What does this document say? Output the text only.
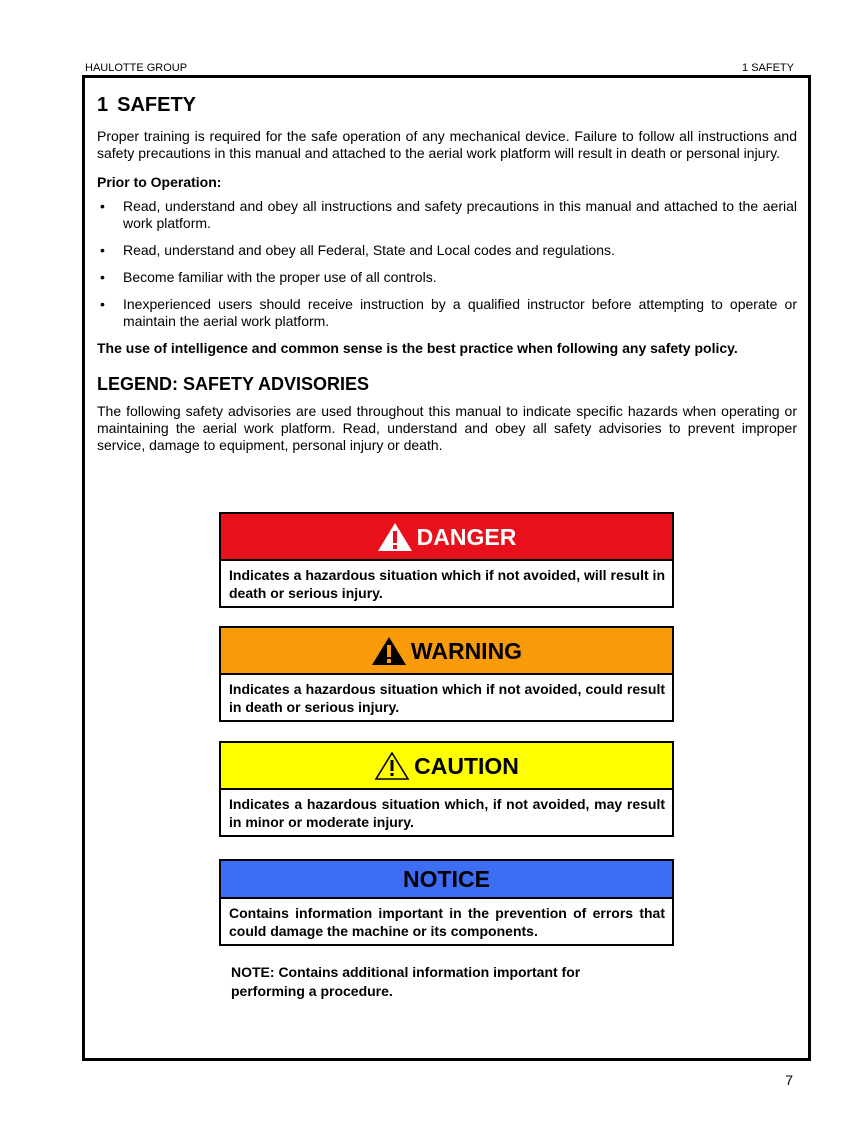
HAULOTTE GROUP	1 SAFETY
1 SAFETY

Proper training is required for the safe operation of any mechanical device. Failure to follow all instructions and safety precautions in this manual and attached to the aerial work platform will result in death or personal injury.

Prior to Operation:

• Read, understand and obey all instructions and safety precautions in this manual and attached to the aerial work platform.
• Read, understand and obey all Federal, State and Local codes and regulations.
• Become familiar with the proper use of all controls.
• Inexperienced users should receive instruction by a qualified instructor before attempting to operate or maintain the aerial work platform.

The use of intelligence and common sense is the best practice when following any safety policy.

LEGEND: SAFETY ADVISORIES

The following safety advisories are used throughout this manual to indicate specific hazards when operating or maintaining the aerial work platform. Read, understand and obey all safety advisories to prevent improper service, damage to equipment, personal injury or death.

DANGER
Indicates a hazardous situation which if not avoided, will result in death or serious injury.
WARNING
Indicates a hazardous situation which if not avoided, could result in death or serious injury.
CAUTION
Indicates a hazardous situation which, if not avoided, may result in minor or moderate injury.
NOTICE
Contains information important in the prevention of errors that could damage the machine or its components.
NOTE: Contains additional information important for performing a procedure.
7
